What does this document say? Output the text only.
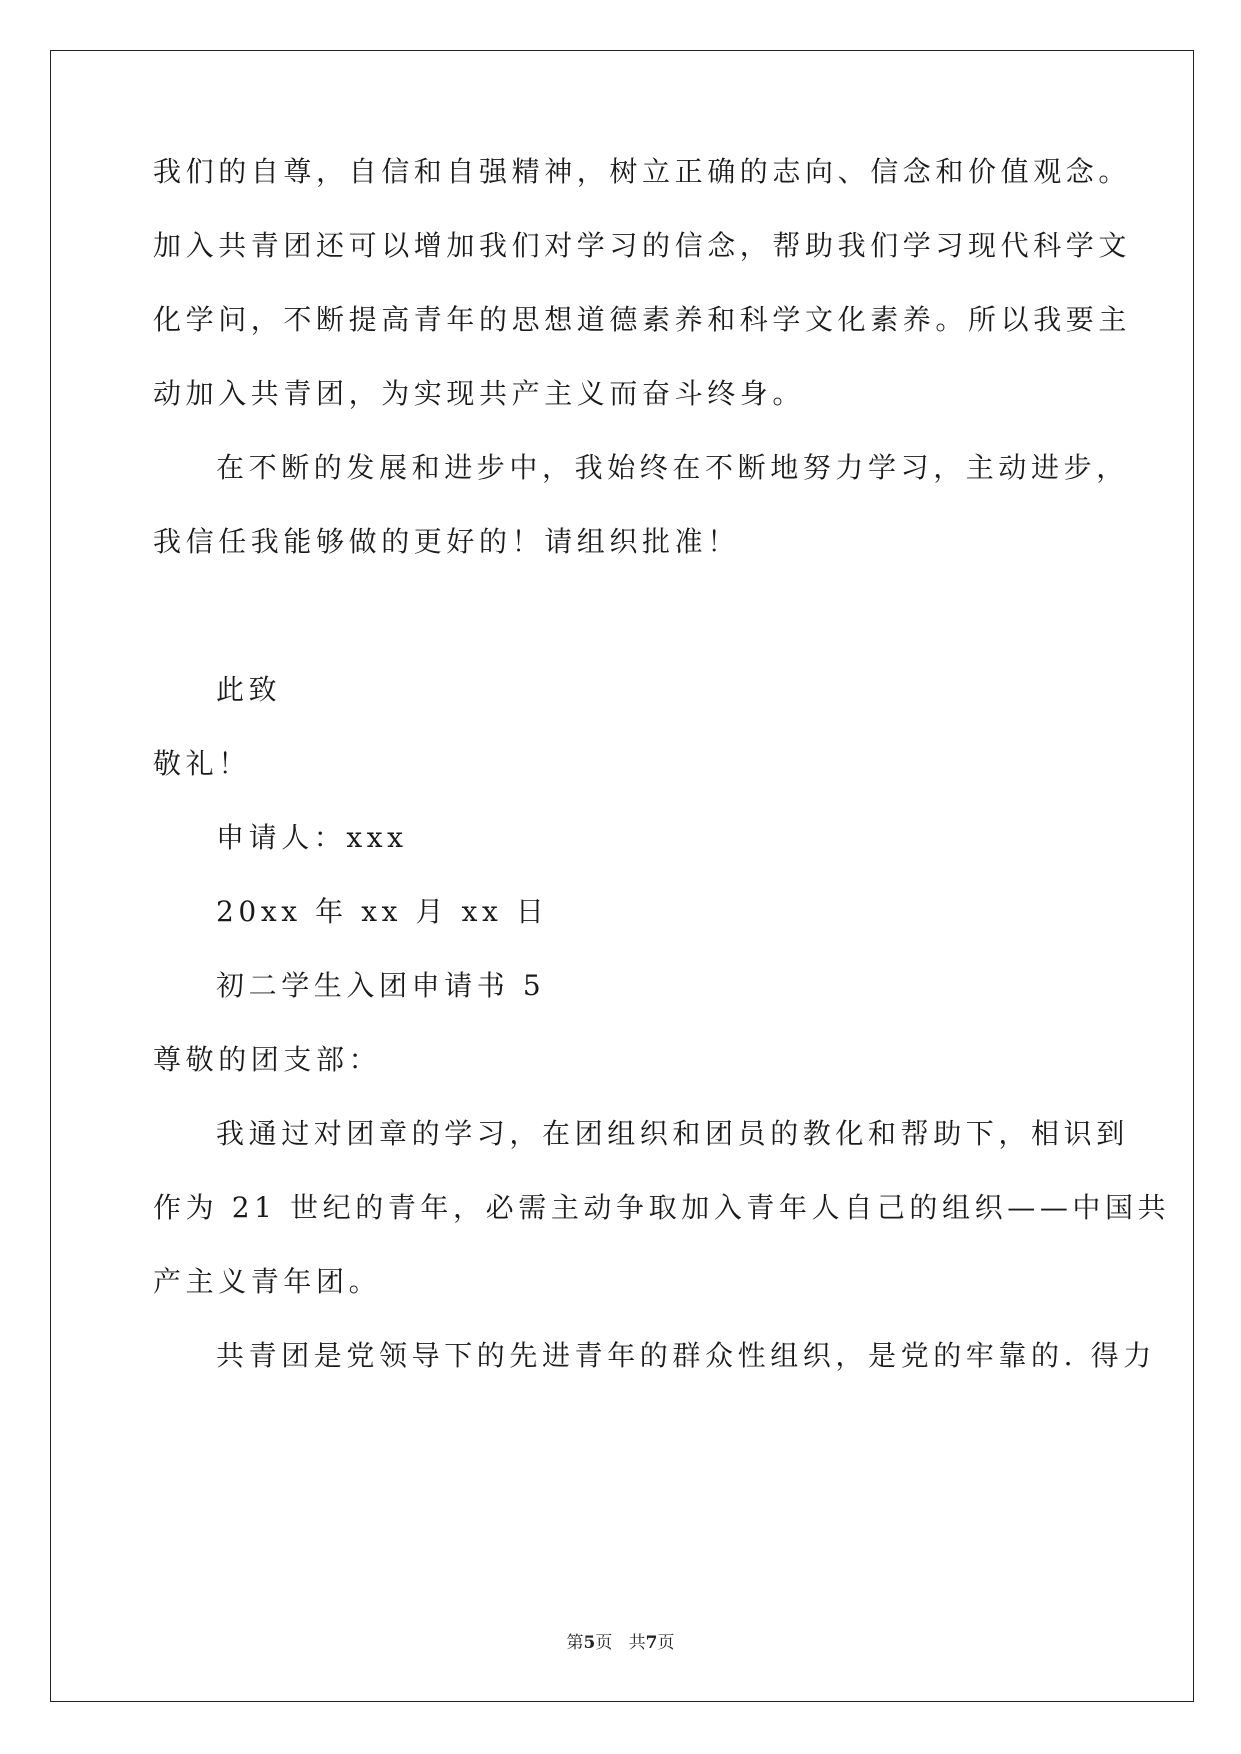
我们的自尊，自信和自强精神，树立正确的志向、信念和价值观念。
加入共青团还可以增加我们对学习的信念，帮助我们学习现代科学文
化学问，不断提高青年的思想道德素养和科学文化素养。所以我要主
动加入共青团，为实现共产主义而奋斗终身。
在不断的发展和进步中，我始终在不断地努力学习，主动进步，
我信任我能够做的更好的！请组织批准！
此致
敬礼！
申请人：xxx
20xx 年 xx 月 xx 日
初二学生入团申请书 5
尊敬的团支部：
我通过对团章的学习，在团组织和团员的教化和帮助下，相识到
作为 21 世纪的青年，必需主动争取加入青年人自己的组织——中国共
产主义青年团。
共青团是党领导下的先进青年的群众性组织，是党的牢靠的. 得力
第5页 共7页
